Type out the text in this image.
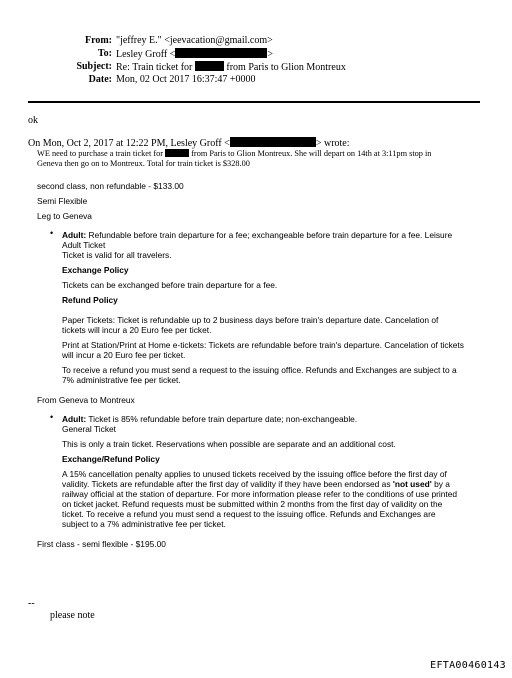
From: "jeffrey E." <jeevacation@gmail.com>
To: Lesley Groff <	>
Subject: Re: Train ticket for	from Paris to Glion Montreux
Date: Mon, 02 Oct 2017 16:37:47 +0000
ok
On Mon, Oct 2, 2017 at 12:22 PM, Lesley Groff <	> wrote:
WE need to purchase a train ticket for	from Paris to Glion Montreux. She will depart on 14th at 3:11pm stop in
Geneva then go on to Montreux. Total for train ticket is $328.00
second class, non refundable - $133.00
Semi Flexible
Leg to Geneva
• Adult: Refundable before train departure for a fee; exchangeable before train departure for a fee. Leisure
Adult Ticket
Ticket is valid for all travelers.
Exchange Policy
Tickets can be exchanged before train departure for a fee.
Refund Policy
Paper Tickets: Ticket is refundable up to 2 business days before train's departure date. Cancelation of
tickets will incur a 20 Euro fee per ticket.
Print at Station/Print at Home e-tickets: Tickets are refundable before train's departure. Cancelation of tickets
will incur a 20 Euro fee per ticket.
To receive a refund you must send a request to the issuing office. Refunds and Exchanges are subject to a
7% administrative fee per ticket.
From Geneva to Montreux
• Adult: Ticket is 85% refundable before train departure date; non-exchangeable.
General Ticket
This is only a train ticket. Reservations when possible are separate and an additional cost.
Exchange/Refund Policy
A 15% cancellation penalty applies to unused tickets received by the issuing office before the first day of
validity. Tickets are refundable after the first day of validity if they have been endorsed as 'not used' by a
railway official at the station of departure. For more information please refer to the conditions of use printed
on ticket jacket. Refund requests must be submitted within 2 months from the first day of validity on the
ticket. To receive a refund you must send a request to the issuing office. Refunds and Exchanges are
subject to a 7% administrative fee per ticket.
First class - semi flexible - $195.00
--
please note
EFTA00460143
